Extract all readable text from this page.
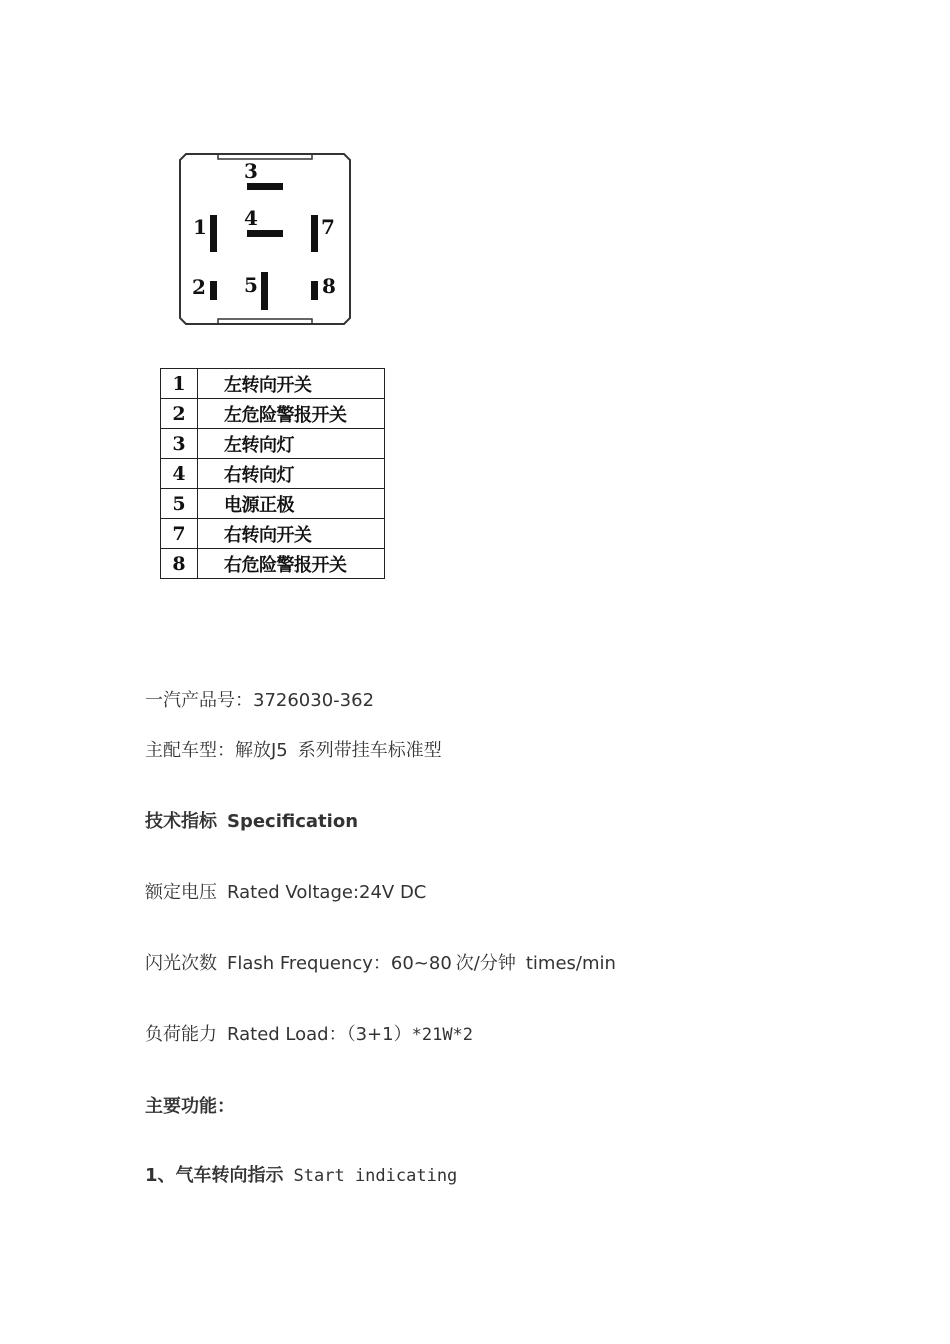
3
4
1	7
2 5	8
1	左转向开关
2	左危险警报开关
3	左转向灯
4	右转向灯
5	电源正极
7	右转向开关
8	右危险警报开关
一汽产品号：3726030-362
主配车型：解放J5 系列带挂车标准型
技术指标 Specification
额定电压 Rated Voltage:24V DC
闪光次数 Flash Frequency：60~80 次/分钟 times/min
负荷能力 Rated Load：（3+1）*21W*2
主要功能：
1、气车转向指示 Start indicating
